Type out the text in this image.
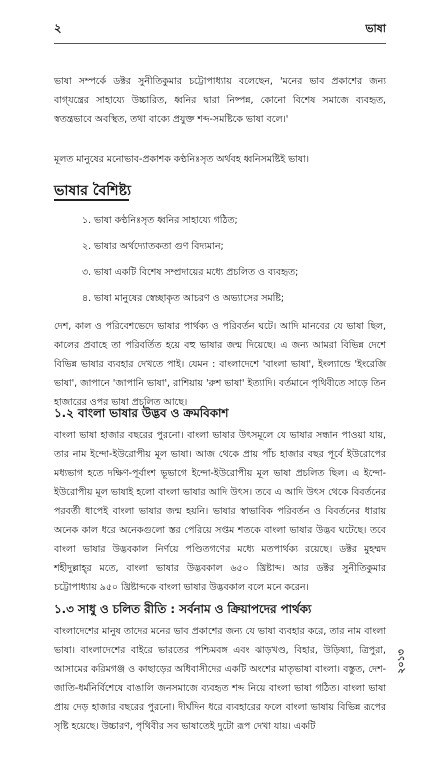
২	ভাষা

ভাষা সম্পর্কে ডক্টর সুনীতিকুমার চট্টোপাধ্যায় বলেছেন, 'মনের ভাব প্রকাশের জন্য বাগ্‌যন্ত্রের সাহায্যে উচ্চারিত, ধ্বনির দ্বারা নিষ্পন্ন, কোনো বিশেষ সমাজে ব্যবহৃত, স্বতন্ত্রভাবে অবস্থিত, তথা বাক্যে প্রযুক্ত শব্দ-সমষ্টিকে ভাষা বলে।'

মূলত মানুষের মনোভাব-প্রকাশক কণ্ঠনিঃসৃত অর্থবহ ধ্বনিসমষ্টিই ভাষা।

ভাষার বৈশিষ্ট্য
১. ভাষা কণ্ঠনিঃসৃত ধ্বনির সাহায্যে গঠিত;
২. ভাষার অর্থদ্যোতকতা গুণ বিদ্যমান;
৩. ভাষা একটি বিশেষ সম্প্রদায়ের মধ্যে প্রচলিত ও ব্যবহৃত;
৪. ভাষা মানুষের স্বেচ্ছাকৃত আচরণ ও অভ্যাসের সমষ্টি;

দেশ, কাল ও পরিবেশভেদে ভাষার পার্থক্য ও পরিবর্তন ঘটে। আদি মানবের যে ভাষা ছিল, কালের প্রবাহে তা পরিবর্তিত হয়ে বহু ভাষার জন্ম দিয়েছে। এ জন্য আমরা বিভিন্ন দেশে বিভিন্ন ভাষার ব্যবহার দেখতে পাই। যেমন : বাংলাদেশে 'বাংলা ভাষা', ইংল্যান্ডে 'ইংরেজি ভাষা', জাপানে 'জাপানি ভাষা', রাশিয়ায় 'রুশ ভাষা' ইত্যাদি। বর্তমানে পৃথিবীতে সাড়ে তিন হাজারের ওপর ভাষা প্রচলিত আছে।

১.২ বাংলা ভাষার উদ্ভব ও ক্রমবিকাশ

বাংলা ভাষা হাজার বছরের পুরনো। বাংলা ভাষার উৎসমূলে যে ভাষার সন্ধান পাওয়া যায়, তার নাম ইন্দো-ইউরোপীয় মূল ভাষা। আজ থেকে প্রায় পাঁচ হাজার বছর পূর্বে ইউরোপের মধ্যভাগ হতে দক্ষিণ-পূর্বাংশ ভূভাগে ইন্দো-ইউরোপীয় মূল ভাষা প্রচলিত ছিল। এ ইন্দো-ইউরোপীয় মূল ভাষাই হলো বাংলা ভাষার আদি উৎস। তবে এ আদি উৎস থেকে বিবর্তনের পরবর্তী ধাপেই বাংলা ভাষার জন্ম হয়নি। ভাষার স্বাভাবিক পরিবর্তন ও বিবর্তনের ধারায় অনেক কাল ধরে অনেকগুলো স্তর পেরিয়ে সপ্তম শতকে বাংলা ভাষার উদ্ভব ঘটেছে। তবে বাংলা ভাষার উদ্ভবকাল নির্ণয়ে পণ্ডিতগণের মধ্যে মতপার্থক্য রয়েছে। ডক্টর মুহম্মদ শহীদুল্লাহ্‌র মতে, বাংলা ভাষার উদ্ভবকাল ৬৫০ খ্রিষ্টাব্দ। আর ডক্টর সুনীতিকুমার চট্টোপাধ্যায় ৯৫০ খ্রিষ্টাব্দকে বাংলা ভাষার উদ্ভবকাল বলে মনে করেন।

১.৩ সাধু ও চলিত রীতি : সর্বনাম ও ক্রিয়াপদের পার্থক্য

বাংলাদেশের মানুষ তাদের মনের ভাব প্রকাশের জন্য যে ভাষা ব্যবহার করে, তার নাম বাংলা ভাষা। বাংলাদেশের বাইরে ভারতের পশ্চিমবঙ্গ এবং ঝাড়খণ্ড, বিহার, উড়িষ্যা, ত্রিপুরা, আসামের করিমগঞ্জ ও কাছাড়ের অধিবাসীদের একটি অংশের মাতৃভাষা বাংলা। বস্তুত, দেশ-জাতি-ধর্মনির্বিশেষে বাঙালি জনসমাজে ব্যবহৃত শব্দ নিয়ে বাংলা ভাষা গঠিত। বাংলা ভাষা প্রায় দেড় হাজার বছরের পুরনো। দীর্ঘদিন ধরে ব্যবহারের ফলে বাংলা ভাষায় বিভিন্ন রূপের সৃষ্টি হয়েছে। উচ্চারণ, পৃথিবীর সব ভাষাতেই দুটো রূপ দেখা যায়। একটি

২০১৩
